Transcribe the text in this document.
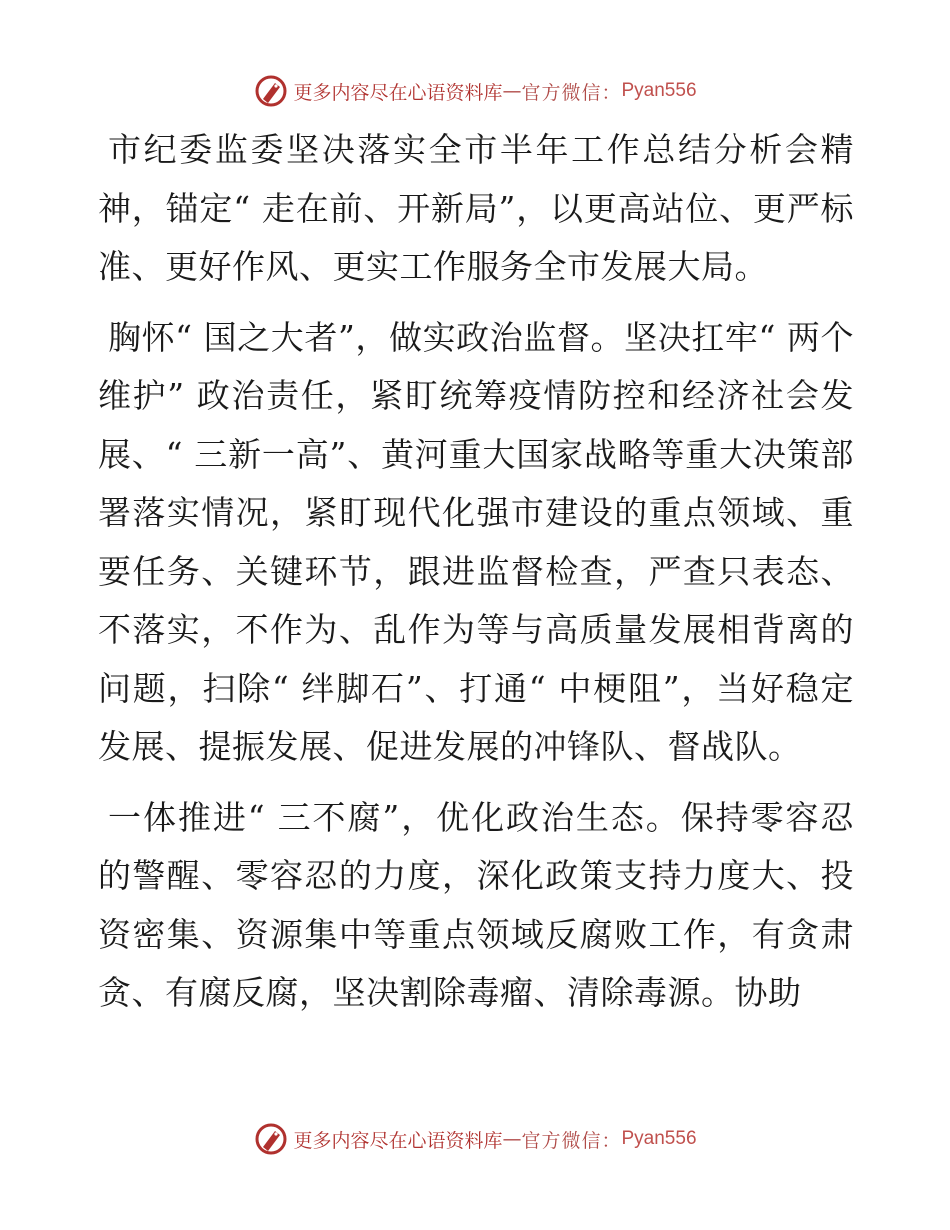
更多内容尽在心语资料库 — 官方微信： Pyan556

市纪委监委坚决落实全市半年工作总结分析会精神，锚定“ 走在前、开新局”，以更高站位、更严标准、更好作风、更实工作服务全市发展大局。

胸怀“ 国之大者”，做实政治监督。坚决扛牢“ 两个维护” 政治责任，紧盯统筹疫情防控和经济社会发展、“ 三新一高”、黄河重大国家战略等重大决策部署落实情况，紧盯现代化强市建设的重点领域、重要任务、关键环节，跟进监督检查，严查只表态、不落实，不作为、乱作为等与高质量发展相背离的问题，扫除“ 绊脚石”、打通“ 中梗阻”，当好稳定发展、提振发展、促进发展的冲锋队、督战队。

一体推进“ 三不腐”，优化政治生态。保持零容忍的警醒、零容忍的力度，深化政策支持力度大、投资密集、资源集中等重点领域反腐败工作，有贪肃贪、有腐反腐，坚决割除毒瘤、清除毒源。协助

更多内容尽在心语资料库 — 官方微信： Pyan556
